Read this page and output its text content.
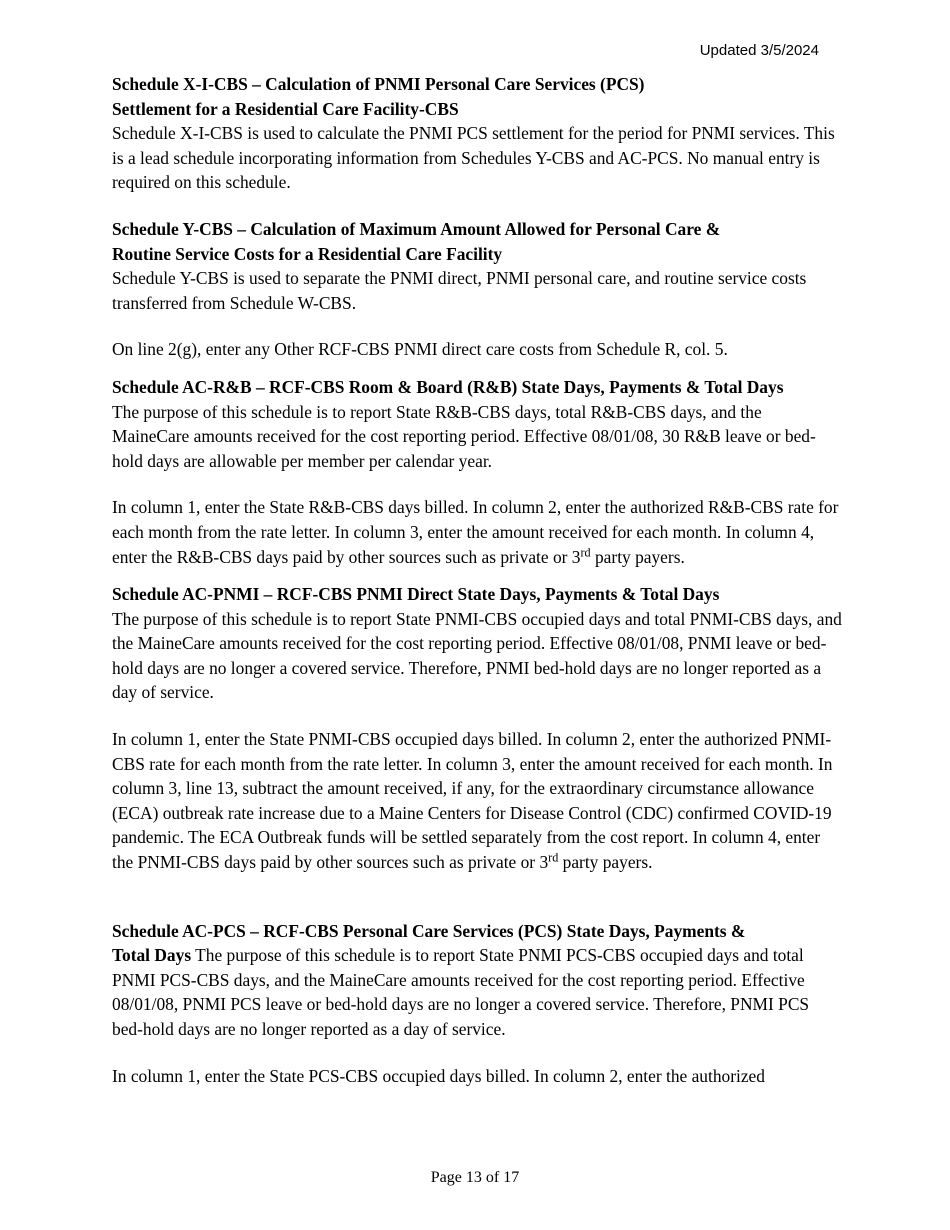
Updated 3/5/2024
Schedule X-I-CBS – Calculation of PNMI Personal Care Services (PCS)
Settlement for a Residential Care Facility-CBS
Schedule X-I-CBS is used to calculate the PNMI PCS settlement for the period for PNMI services. This is a lead schedule incorporating information from Schedules Y-CBS and AC-PCS. No manual entry is required on this schedule.
Schedule Y-CBS – Calculation of Maximum Amount Allowed for Personal Care &
Routine Service Costs for a Residential Care Facility
Schedule Y-CBS is used to separate the PNMI direct, PNMI personal care, and routine service costs transferred from Schedule W-CBS.
On line 2(g), enter any Other RCF-CBS PNMI direct care costs from Schedule R, col. 5.
Schedule AC-R&B – RCF-CBS Room & Board (R&B) State Days, Payments & Total Days
The purpose of this schedule is to report State R&B-CBS days, total R&B-CBS days, and the MaineCare amounts received for the cost reporting period. Effective 08/01/08, 30 R&B leave or bed-hold days are allowable per member per calendar year.
In column 1, enter the State R&B-CBS days billed. In column 2, enter the authorized R&B-CBS rate for each month from the rate letter. In column 3, enter the amount received for each month. In column 4, enter the R&B-CBS days paid by other sources such as private or 3rd party payers.
Schedule AC-PNMI – RCF-CBS PNMI Direct State Days, Payments & Total Days
The purpose of this schedule is to report State PNMI-CBS occupied days and total PNMI-CBS days, and the MaineCare amounts received for the cost reporting period. Effective 08/01/08, PNMI leave or bed- hold days are no longer a covered service. Therefore, PNMI bed-hold days are no longer reported as a day of service.
In column 1, enter the State PNMI-CBS occupied days billed. In column 2, enter the authorized PNMI- CBS rate for each month from the rate letter. In column 3, enter the amount received for each month. In column 3, line 13, subtract the amount received, if any, for the extraordinary circumstance allowance (ECA) outbreak rate increase due to a Maine Centers for Disease Control (CDC) confirmed COVID-19 pandemic. The ECA Outbreak funds will be settled separately from the cost report. In column 4, enter the PNMI-CBS days paid by other sources such as private or 3rd party payers.
Schedule AC-PCS – RCF-CBS Personal Care Services (PCS) State Days, Payments &
Total Days The purpose of this schedule is to report State PNMI PCS-CBS occupied days and total PNMI PCS-CBS days, and the MaineCare amounts received for the cost reporting period. Effective 08/01/08, PNMI PCS leave or bed-hold days are no longer a covered service. Therefore, PNMI PCS bed-hold days are no longer reported as a day of service.
In column 1, enter the State PCS-CBS occupied days billed. In column 2, enter the authorized
Page 13 of 17
